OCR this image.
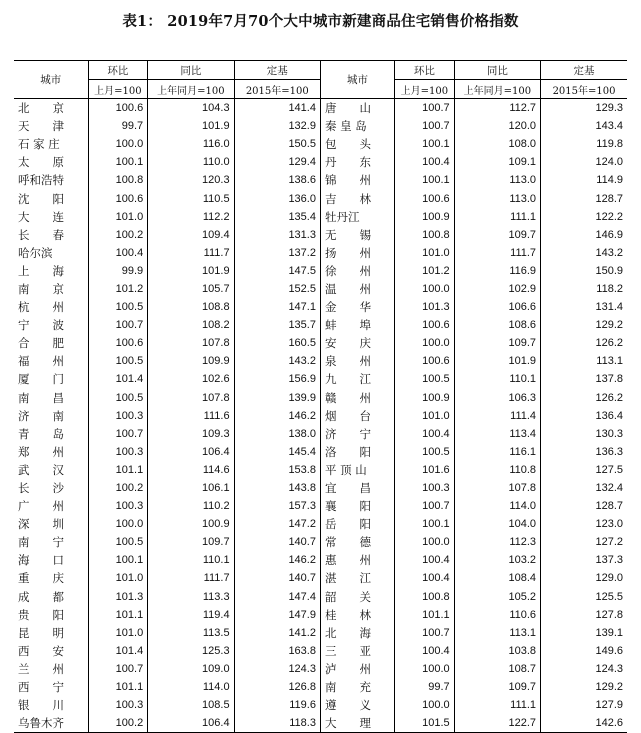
表1： 2019年7月70个大中城市新建商品住宅销售价格指数
城市	环比	同比	定基	城市	环比	同比	定基
	上月=100	上年同月=100	2015年=100		上月=100	上年同月=100	2015年=100
北　　京	100.6	104.3	141.4	唐　　山	100.7	112.7	129.3
天　　津	99.7	101.9	132.9	秦 皇 岛	100.7	120.0	143.4
石 家 庄	100.0	116.0	150.5	包　　头	100.1	108.0	119.8
太　　原	100.1	110.0	129.4	丹　　东	100.4	109.1	124.0
呼和浩特	100.8	120.3	138.6	锦　　州	100.1	113.0	114.9
沈　　阳	100.6	110.5	136.0	吉　　林	100.6	113.0	128.7
大　　连	101.0	112.2	135.4	牡丹江	100.9	111.1	122.2
长　　春	100.2	109.4	131.3	无　　锡	100.8	109.7	146.9
哈尔滨	100.4	111.7	137.2	扬　　州	101.0	111.7	143.2
上　　海	99.9	101.9	147.5	徐　　州	101.2	116.9	150.9
南　　京	101.2	105.7	152.5	温　　州	100.0	102.9	118.2
杭　　州	100.5	108.8	147.1	金　　华	101.3	106.6	131.4
宁　　波	100.7	108.2	135.7	蚌　　埠	100.6	108.6	129.2
合　　肥	100.6	107.8	160.5	安　　庆	100.0	109.7	126.2
福　　州	100.5	109.9	143.2	泉　　州	100.6	101.9	113.1
厦　　门	101.4	102.6	156.9	九　　江	100.5	110.1	137.8
南　　昌	100.5	107.8	139.9	赣　　州	100.9	106.3	126.2
济　　南	100.3	111.6	146.2	烟　　台	101.0	111.4	136.4
青　　岛	100.7	109.3	138.0	济　　宁	100.4	113.4	130.3
郑　　州	100.3	106.4	145.4	洛　　阳	100.5	116.1	136.3
武　　汉	101.1	114.6	153.8	平 顶 山	101.6	110.8	127.5
长　　沙	100.2	106.1	143.8	宜　　昌	100.3	107.8	132.4
广　　州	100.3	110.2	157.3	襄　　阳	100.7	114.0	128.7
深　　圳	100.0	100.9	147.2	岳　　阳	100.1	104.0	123.0
南　　宁	100.5	109.7	140.7	常　　德	100.0	112.3	127.2
海　　口	100.1	110.1	146.2	惠　　州	100.4	103.2	137.3
重　　庆	101.0	111.7	140.7	湛　　江	100.4	108.4	129.0
成　　都	101.3	113.3	147.4	韶　　关	100.8	105.2	125.5
贵　　阳	101.1	119.4	147.9	桂　　林	101.1	110.6	127.8
昆　　明	101.0	113.5	141.2	北　　海	100.7	113.1	139.1
西　　安	101.4	125.3	163.8	三　　亚	100.4	103.8	149.6
兰　　州	100.7	109.0	124.3	泸　　州	100.0	108.7	124.3
西　　宁	101.1	114.0	126.8	南　　充	99.7	109.7	129.2
银　　川	100.3	108.5	119.6	遵　　义	100.0	111.1	127.9
乌鲁木齐	100.2	106.4	118.3	大　　理	101.5	122.7	142.6
